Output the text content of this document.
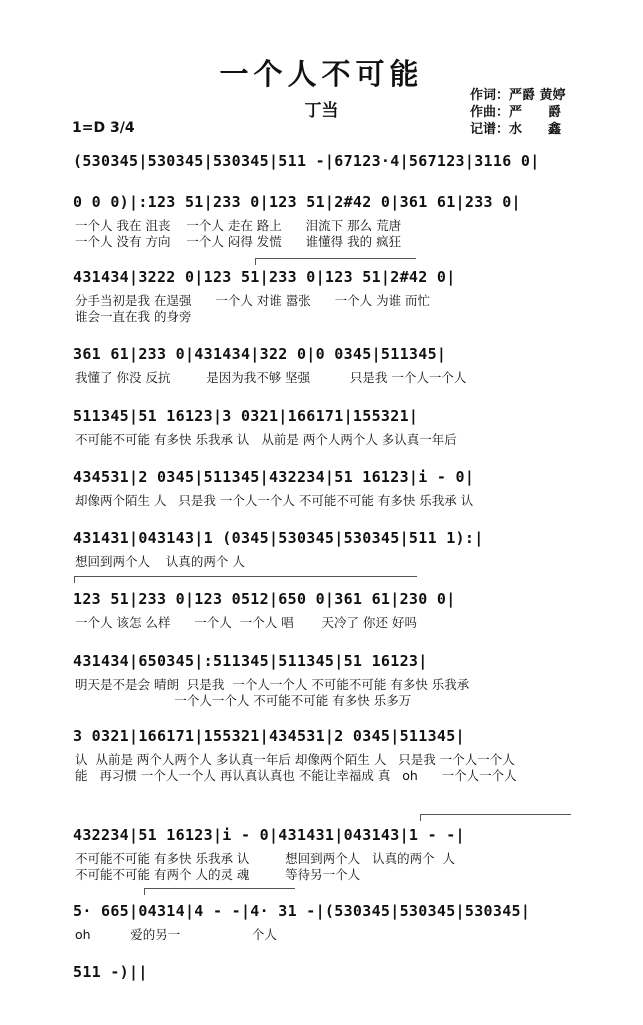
一个人不可能
丁当
作词：严爵 黄婷
作曲：严　　爵
记谱：水　　鑫
1=D 3/4
(530345|530345|530345|511 -|67123·4|567123|3116 0|
0 0 0)|:123 51|233 0|123 51|2#42 0|361 61|233 0|
一个人 我在 沮丧    一个人 走在 路上      泪流下 那么 荒唐
一个人 没有 方向    一个人 闷得 发慌      谁懂得 我的 疯狂
431434|3222 0|123 51|233 0|123 51|2#42 0|
分手当初是我 在逞强      一个人 对谁 嚣张      一个人 为谁 而忙
谁会一直在我 的身旁
361 61|233 0|431434|322 0|0 0345|511345|
我懂了 你没 反抗         是因为我不够 坚强          只是我 一个人一个人
511345|51 16123|3 0321|166171|155321|
不可能不可能 有多快 乐我承 认   从前是 两个人两个人 多认真一年后
434531|2 0345|511345|432234|51 16123|i - 0|
却像两个陌生 人   只是我 一个人一个人 不可能不可能 有多快 乐我承 认
431431|043143|1 (0345|530345|530345|511 1):|
想回到两个人    认真的两个 人
123 51|233 0|123 0512|650 0|361 61|230 0|
一个人 该怎 么样      一个人  一个人 唱       天冷了 你还 好吗
431434|650345|:511345|511345|51 16123|
明天是不是会 晴朗  只是我  一个人一个人 不可能不可能 有多快 乐我承
一个人一个人 不可能不可能 有多快 乐多万
3 0321|166171|155321|434531|2 0345|511345|
认  从前是 两个人两个人 多认真一年后 却像两个陌生 人   只是我 一个人一个人
能   再习惯 一个人一个人 再认真认真也 不能让幸福成 真   oh      一个人一个人
432234|51 16123|i - 0|431431|043143|1 - -|
不可能不可能 有多快 乐我承 认         想回到两个人   认真的两个  人
不可能不可能 有两个 人的灵 魂         等待另一个人
5· 665|04314|4 - -|4· 31 -|(530345|530345|530345|
oh          爱的另一                  个人
511 -)||
